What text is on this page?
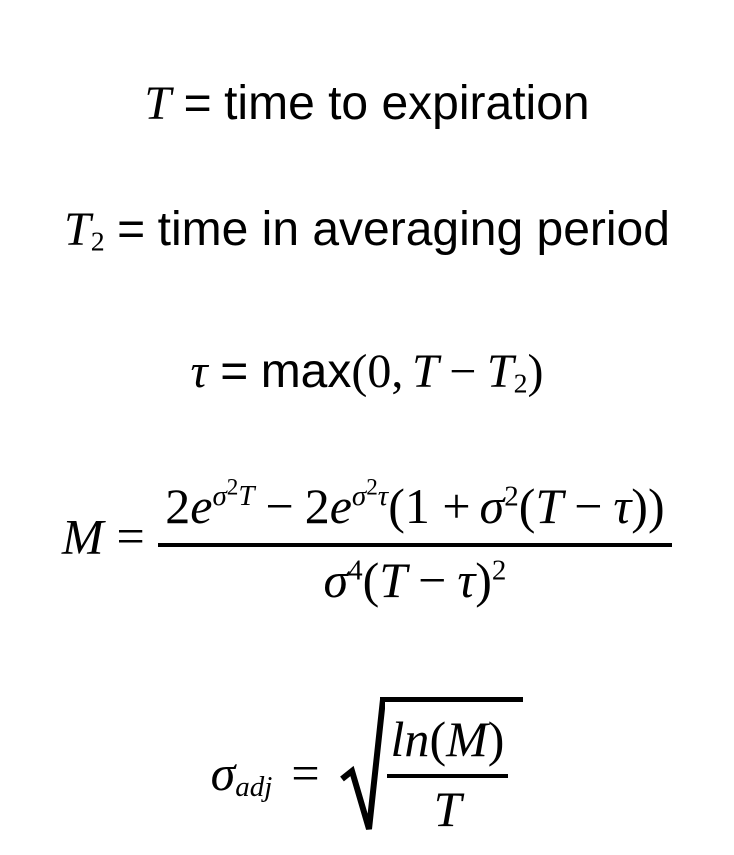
T = time to expiration
T2 = time in averaging period
τ = max(0, T − T2)
$M = \frac{2e^{\sigma^2T} - 2e^{\sigma^2\tau}(1 + \sigma^2(T - \tau))}{\sigma^4(T - \tau)^2}$
$\sigma adj = \frac{\ln(M)}{T}$
